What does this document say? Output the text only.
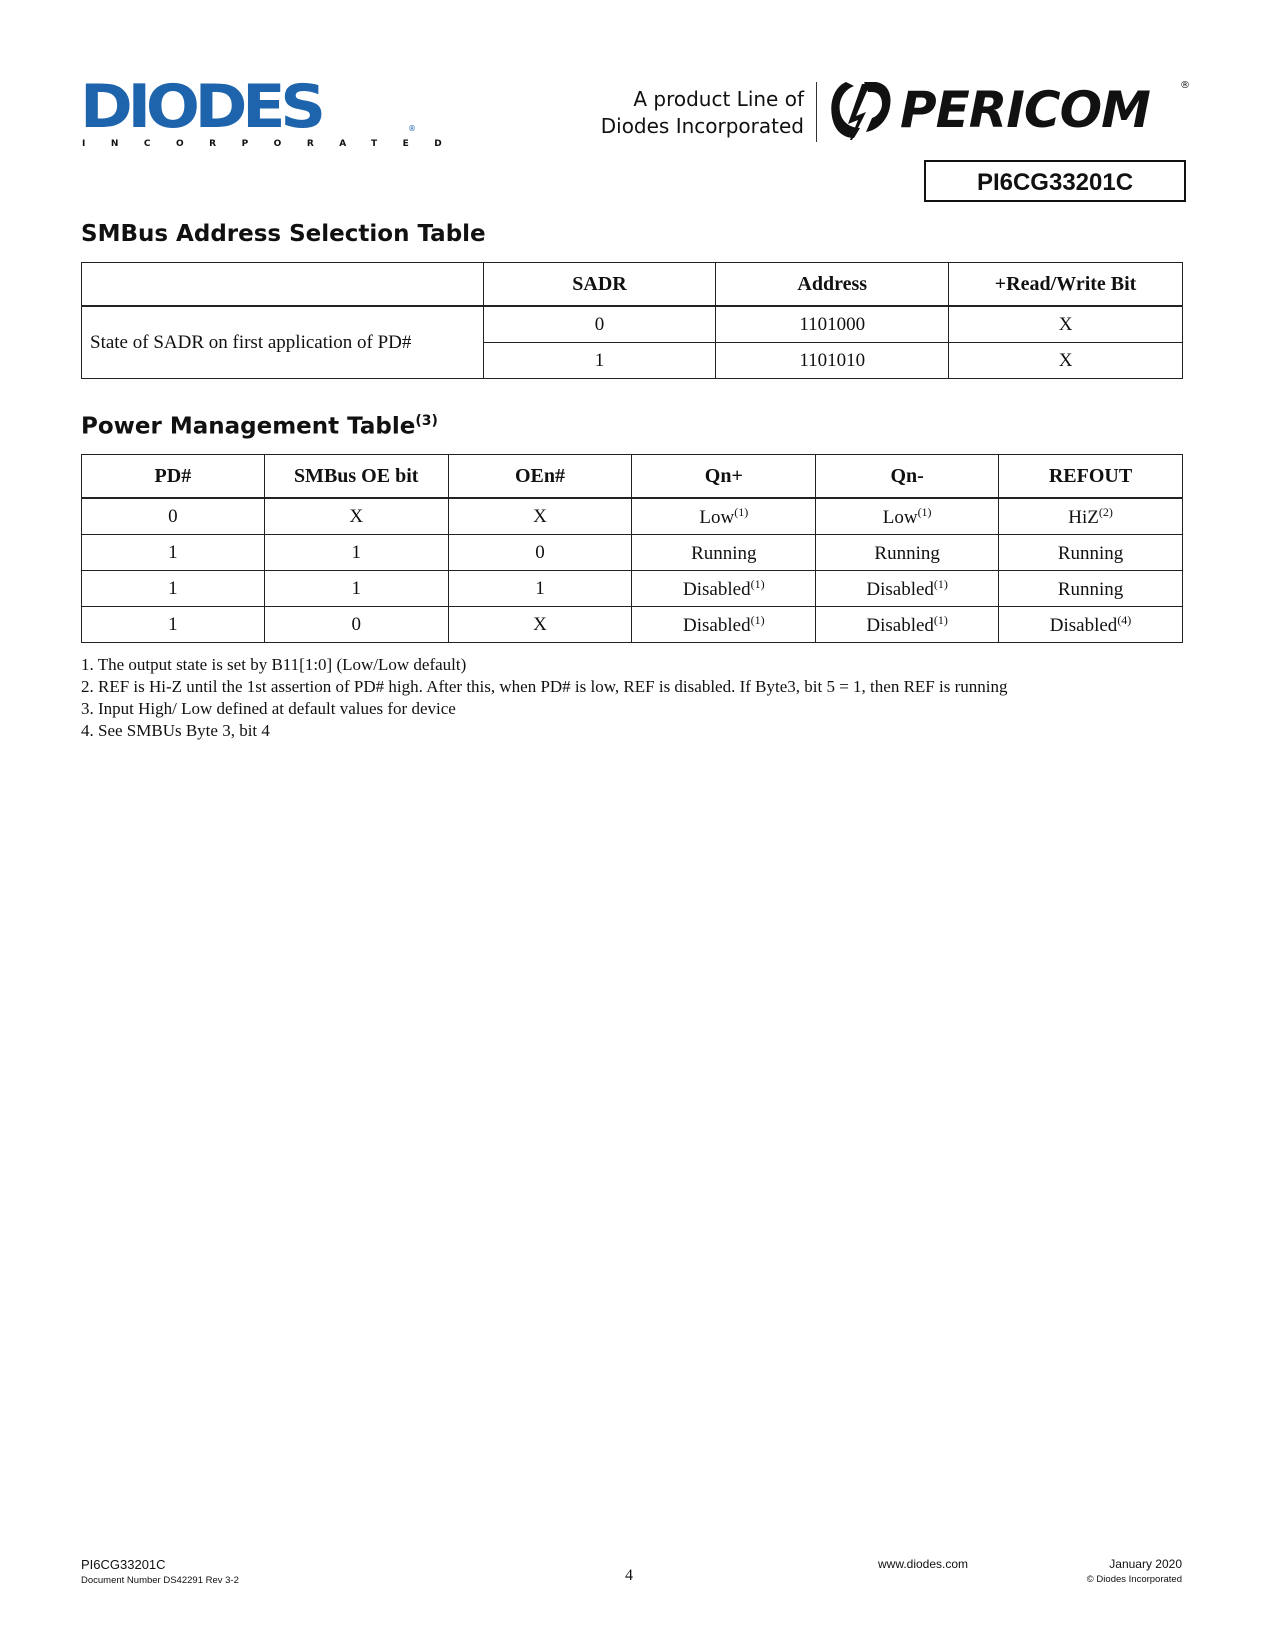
DIODES
INCORPORATED
®
A product Line of
Diodes Incorporated PERICOM	®
PI6CG33201C
SMBus Address Selection Table
	SADR	Address	+Read/Write Bit
State of SADR on first application of PD#	0	1101000	X
	1	1101010	X
Power Management Table$^{(3)}$
PD#	SMBus OE bit	OEn#	Qn+	Qn-	REFOUT
0	X	X	Low$^{(1)}$	Low$^{(1)}$	HiZ$^{(2)}$
1	1	0	Running	Running	Running
1	1	1	Disabled$^{(1)}$	Disabled$^{(1)}$	Running
1	0	X	Disabled$^{(1)}$	Disabled$^{(1)}$	Disabled$^{(4)}$
1. The output state is set by B11[1:0] (Low/Low default)
2. REF is Hi-Z until the 1st assertion of PD# high. After this, when PD# is low, REF is disabled. If Byte3, bit 5 = 1, then REF is running
3. Input High/ Low defined at default values for device
4. See SMBUs Byte 3, bit 4
PI6CG33201C
Document Number DS42291 Rev 3-2	4
www.diodes.com	January 2020
© Diodes Incorporated
